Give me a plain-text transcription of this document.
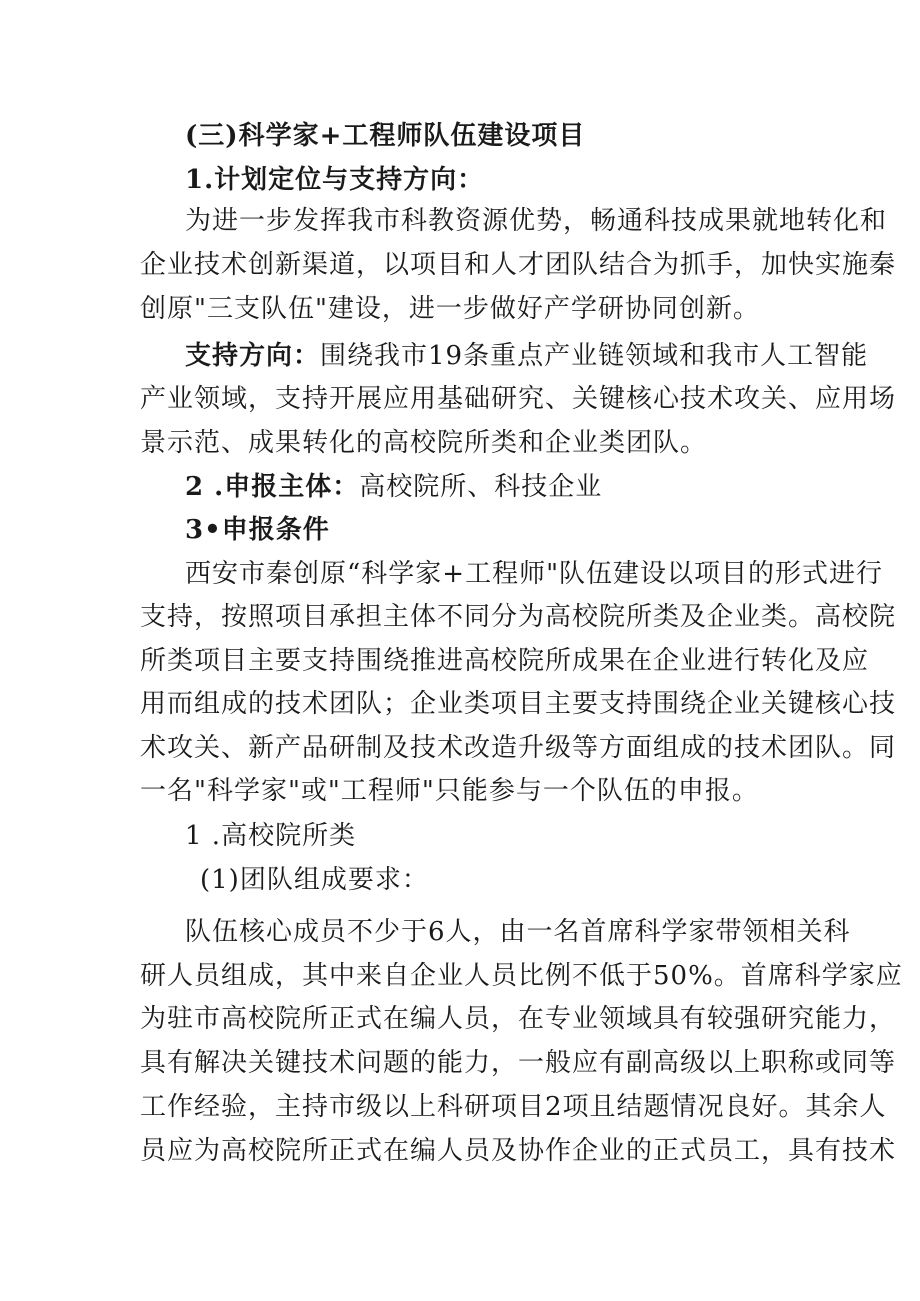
(三)科学家+工程师队伍建设项目
1.计划定位与支持方向：
为进一步发挥我市科教资源优势，畅通科技成果就地转化和
企业技术创新渠道，以项目和人才团队结合为抓手，加快实施秦
创原"三支队伍"建设，进一步做好产学研协同创新。
支持方向：围绕我市19条重点产业链领域和我市人工智能
产业领域，支持开展应用基础研究、关键核心技术攻关、应用场
景示范、成果转化的高校院所类和企业类团队。
2 .申报主体：高校院所、科技企业
3•申报条件
西安市秦创原“科学家+工程师"队伍建设以项目的形式进行
支持，按照项目承担主体不同分为高校院所类及企业类。高校院
所类项目主要支持围绕推进高校院所成果在企业进行转化及应
用而组成的技术团队；企业类项目主要支持围绕企业关键核心技
术攻关、新产品研制及技术改造升级等方面组成的技术团队。同
一名"科学家"或"工程师"只能参与一个队伍的申报。
1 .高校院所类
(1)团队组成要求：
队伍核心成员不少于6人，由一名首席科学家带领相关科
研人员组成，其中来自企业人员比例不低于50%。首席科学家应
为驻市高校院所正式在编人员，在专业领域具有较强研究能力，
具有解决关键技术问题的能力，一般应有副高级以上职称或同等
工作经验，主持市级以上科研项目2项且结题情况良好。其余人
员应为高校院所正式在编人员及协作企业的正式员工，具有技术
